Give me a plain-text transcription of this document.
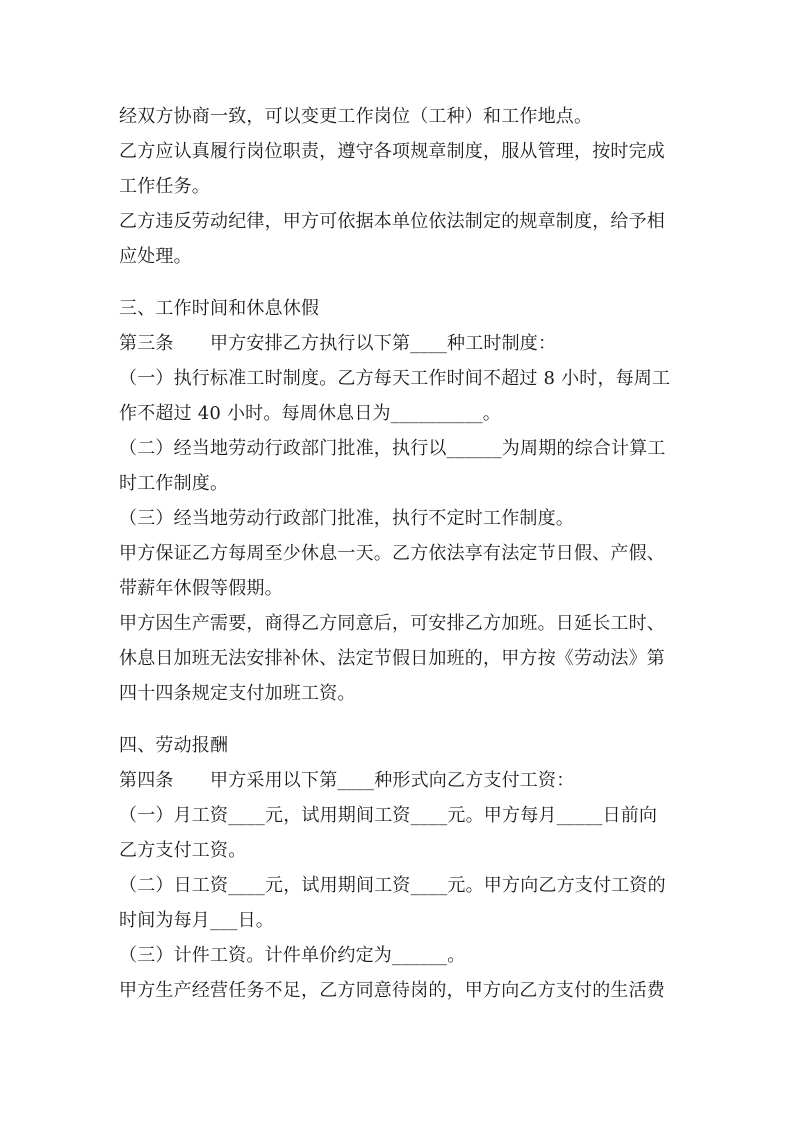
经双方协商一致，可以变更工作岗位（工种）和工作地点。
乙方应认真履行岗位职责，遵守各项规章制度，服从管理，按时完成
工作任务。
乙方违反劳动纪律，甲方可依据本单位依法制定的规章制度，给予相
应处理。
三、工作时间和休息休假
第三条　　甲方安排乙方执行以下第____种工时制度：
（一）执行标准工时制度。乙方每天工作时间不超过 8 小时，每周工
作不超过 40 小时。每周休息日为__________。
（二）经当地劳动行政部门批准，执行以______为周期的综合计算工
时工作制度。
（三）经当地劳动行政部门批准，执行不定时工作制度。
甲方保证乙方每周至少休息一天。乙方依法享有法定节日假、产假、
带薪年休假等假期。
甲方因生产需要，商得乙方同意后，可安排乙方加班。日延长工时、
休息日加班无法安排补休、法定节假日加班的，甲方按《劳动法》第
四十四条规定支付加班工资。
四、劳动报酬
第四条　　甲方采用以下第____种形式向乙方支付工资：
（一）月工资____元，试用期间工资____元。甲方每月_____日前向
乙方支付工资。
（二）日工资____元，试用期间工资____元。甲方向乙方支付工资的
时间为每月___日。
（三）计件工资。计件单价约定为______。
甲方生产经营任务不足，乙方同意待岗的，甲方向乙方支付的生活费
